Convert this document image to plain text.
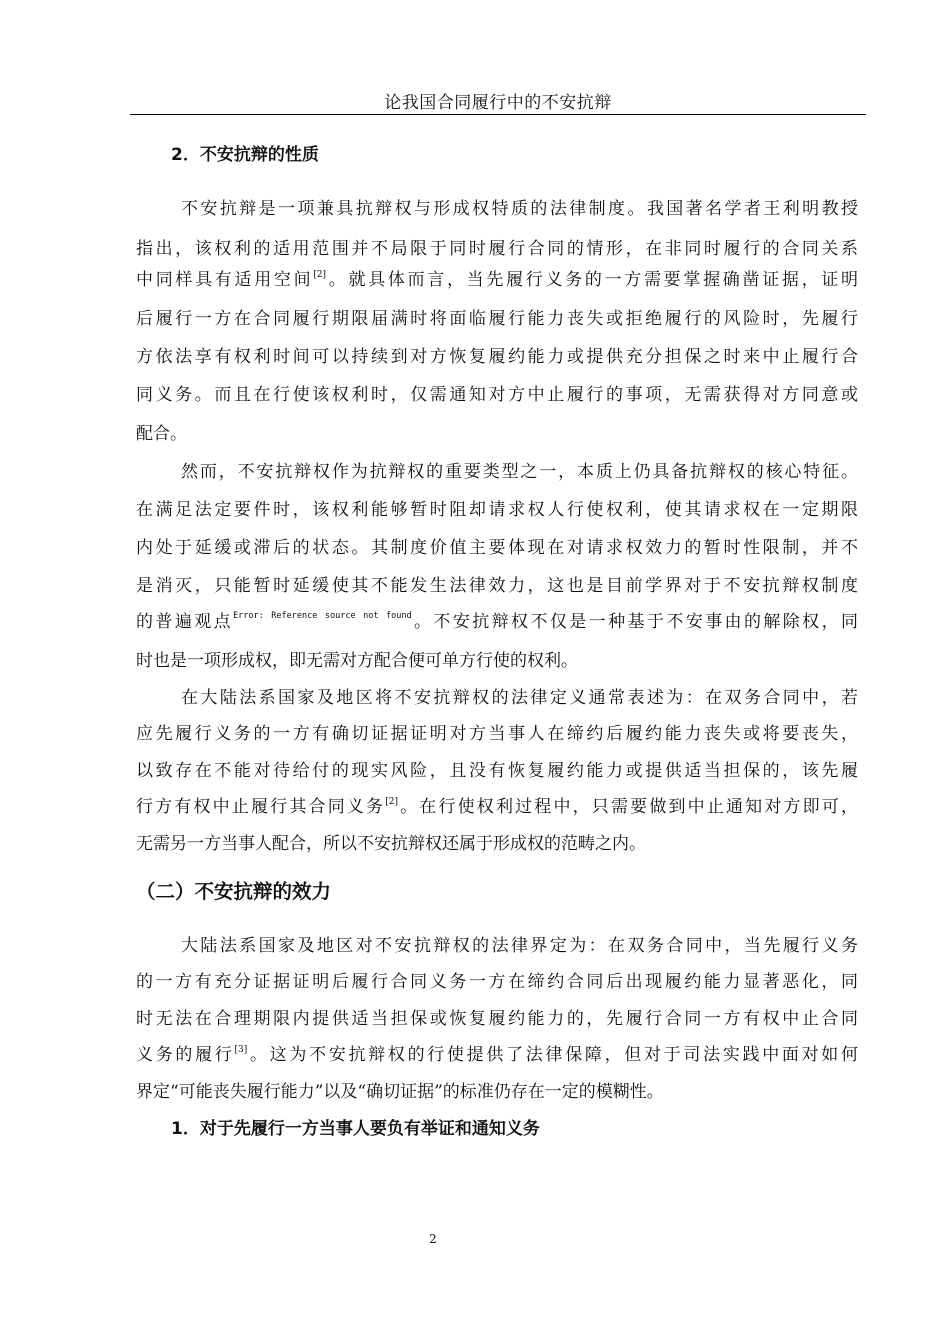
论我国合同履行中的不安抗辩
2．不安抗辩的性质
不安抗辩是一项兼具抗辩权与形成权特质的法律制度。我国著名学者王利明教授
指出，该权利的适用范围并不局限于同时履行合同的情形，在非同时履行的合同关系
中同样具有适用空间[2]。就具体而言，当先履行义务的一方需要掌握确凿证据，证明
后履行一方在合同履行期限届满时将面临履行能力丧失或拒绝履行的风险时，先履行
方依法享有权利时间可以持续到对方恢复履约能力或提供充分担保之时来中止履行合
同义务。而且在行使该权利时，仅需通知对方中止履行的事项，无需获得对方同意或
配合。
然而，不安抗辩权作为抗辩权的重要类型之一，本质上仍具备抗辩权的核心特征。
在满足法定要件时，该权利能够暂时阻却请求权人行使权利，使其请求权在一定期限
内处于延缓或滞后的状态。其制度价值主要体现在对请求权效力的暂时性限制，并不
是消灭，只能暂时延缓使其不能发生法律效力，这也是目前学界对于不安抗辩权制度
的普遍观点$^{Error: Reference source not found}$。不安抗辩权不仅是一种基于不安事由的解除权，同
时也是一项形成权，即无需对方配合便可单方行使的权利。
在大陆法系国家及地区将不安抗辩权的法律定义通常表述为：在双务合同中，若
应先履行义务的一方有确切证据证明对方当事人在缔约后履约能力丧失或将要丧失，
以致存在不能对待给付的现实风险，且没有恢复履约能力或提供适当担保的，该先履
行方有权中止履行其合同义务[2]。在行使权利过程中，只需要做到中止通知对方即可，
无需另一方当事人配合，所以不安抗辩权还属于形成权的范畴之内。
（二）不安抗辩的效力
大陆法系国家及地区对不安抗辩权的法律界定为：在双务合同中，当先履行义务
的一方有充分证据证明后履行合同义务一方在缔约合同后出现履约能力显著恶化，同
时无法在合理期限内提供适当担保或恢复履约能力的，先履行合同一方有权中止合同
义务的履行[3]。这为不安抗辩权的行使提供了法律保障，但对于司法实践中面对如何
界定“可能丧失履行能力”以及“确切证据”的标准仍存在一定的模糊性。
1．对于先履行一方当事人要负有举证和通知义务
2
